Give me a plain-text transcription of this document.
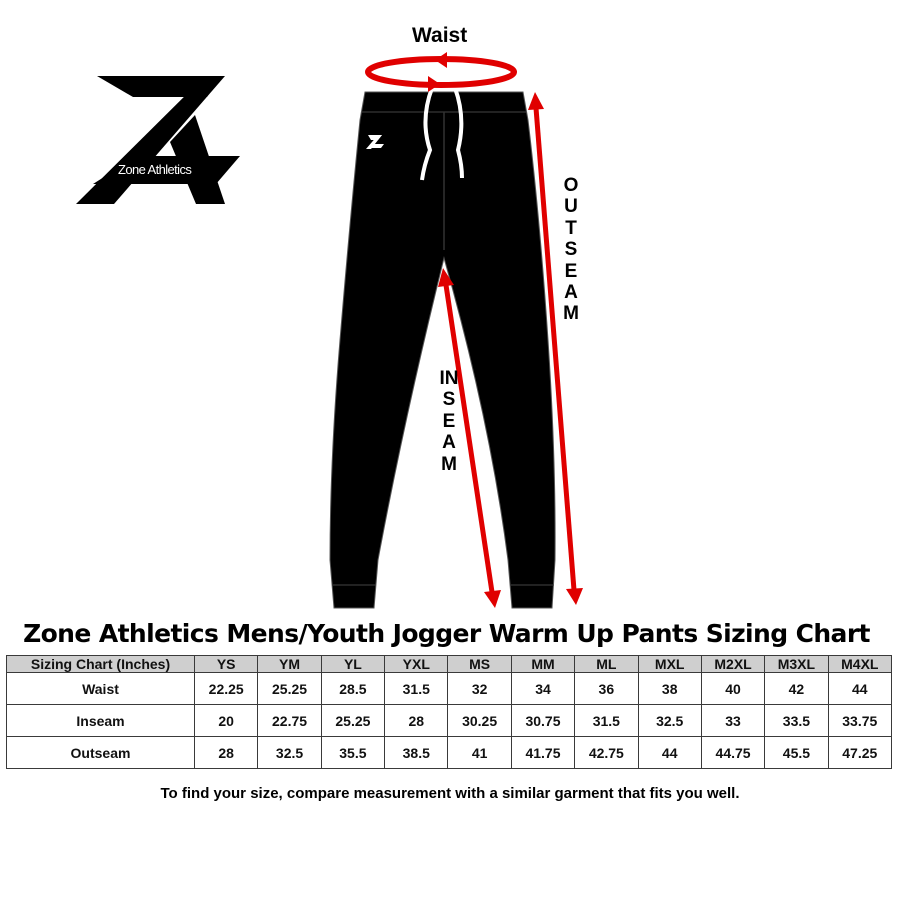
Zone Athletics
Waist
OUTSEAM
INSEAM
Zone Athletics Mens/Youth Jogger Warm Up Pants Sizing Chart
Sizing Chart (Inches)	YS	YM	YL	YXL	MS	MM	ML	MXL	M2XL	M3XL	M4XL
Waist	22.25	25.25	28.5	31.5	32	34	36	38	40	42	44
Inseam	20	22.75	25.25	28	30.25	30.75	31.5	32.5	33	33.5	33.75
Outseam	28	32.5	35.5	38.5	41	41.75	42.75	44	44.75	45.5	47.25
To find your size, compare measurement with a similar garment that fits you well.
